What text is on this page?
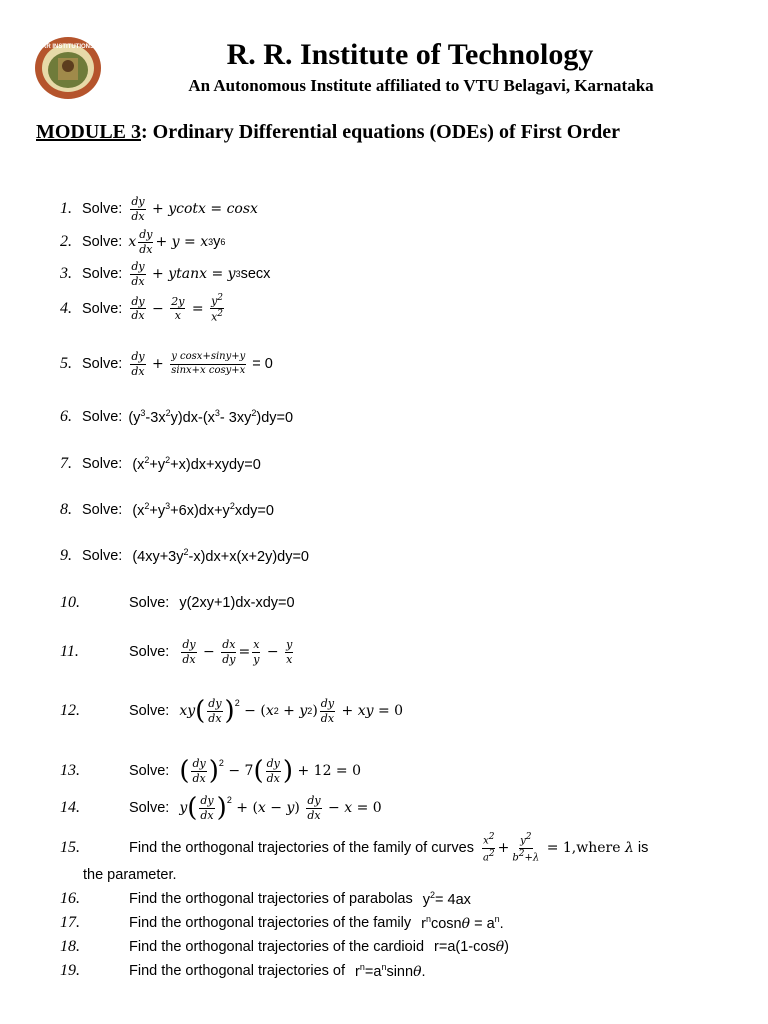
RR INSTITUTIONS	R. R. Institute of Technology
An Autonomous Institute affiliated to VTU Belagavi, Karnataka
MODULE 3: Ordinary Differential equations (ODEs) of First Order
1. Solve: $\frac{dy}{dx} + ycotx = \cos x$
2. Solve: x $\frac{dy}{dx} + y = x$ 3 y 6
3. Solve: $\frac{dy}{dx} + ytanx = y$ 3 secx
4. Solve: $\frac{dy}{dx} - \frac{2y}{x} = \frac{y^2}{x^2}$
5. Solve: $\frac{dy}{dx} + \frac{\text{y cosx+siny+y}}{\text{sinx+x cosy+x}} = 0$
6. Solve: $(y^3-3x^2y)dx-(x^3-$ $3xy^2)dy=0$
7. Solve: $(x^2+y^2+x)dx+xydy=0$
8. Solve: $(x^2+y^3+6x)dx+y^2xdy=0$
9. Solve: $(4xy+3y^2-x)dx+x(x+2y)dy=0$
10.	Solve: y(2xy+1)dx-xdy=0
11.	Solve: $\frac{dy}{dx} - \frac{dx}{dy} = \frac{x}{y} - \frac{y}{x}$
12.	Solve: xy ( $\frac{dy}{dx} )^2$
− ( x 2 + y 2 ) $\frac{dy}{dx}$ + xy = 0
13.	Solve: ( $\frac{dy}{dx} )^2$
− 7 ( $\frac{dy}{dx}$ ) + 12 = 0
14.	Solve: y ( $\frac{dy}{dx} )^2$
+ ( x − y ) $\frac{dy}{dx} - x = 0$
15.	Find the orthogonal trajectories of the family of curves $\frac{x^2}{a^2} + \frac{y^2}{b^2+\lambda}$ = 1,where λ is
the parameter.
16.	Find the orthogonal trajectories of parabolas $y^2= 4ax$
17.	Find the orthogonal trajectories of the family $r^n\cos n\theta = a^n$.
18.	Find the orthogonal trajectories of the cardioid r=a(1-cosθ)
19.	Find the orthogonal trajectories of $r^n=a^n\sin n\theta$.
